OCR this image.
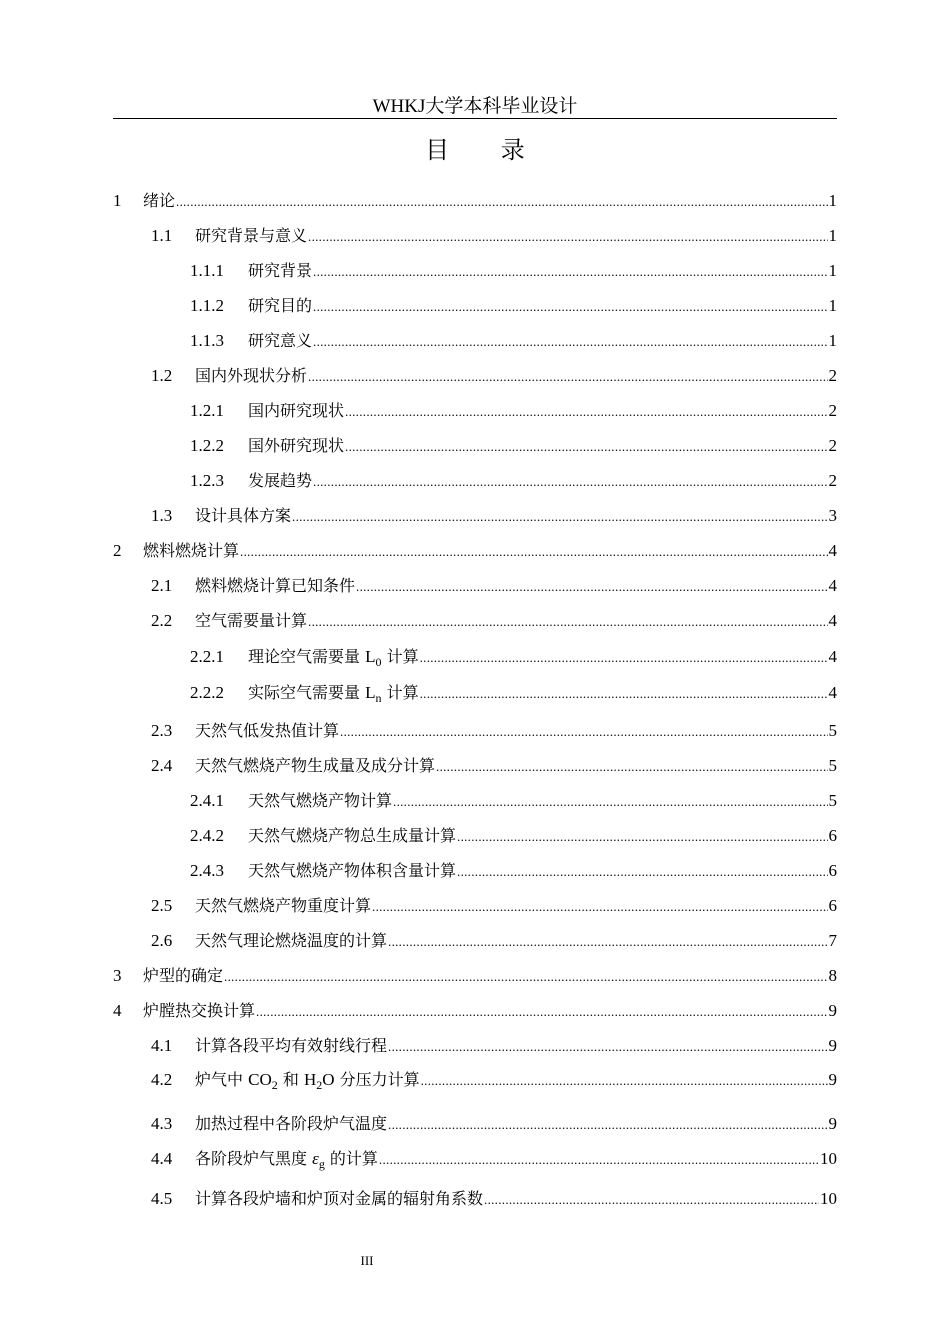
WHKJ大学本科毕业设计
目 录
1	绪论 .....	1
1.1	研究背景与意义 .....	1
1.1.1	研究背景 .....	1
1.1.2	研究目的 .....	1
1.1.3	研究意义 .....	1
1.2	国内外现状分析 .....	2
1.2.1	国内研究现状 .....	2
1.2.2	国外研究现状 .....	2
1.2.3	发展趋势 .....	2
1.3	设计具体方案 .....	3
2	燃料燃烧计算 .....	4
2.1	燃料燃烧计算已知条件 .....	4
2.2	空气需要量计算 .....	4
2.2.1	理论空气需要量 $L_0$ 计算 .....	4
2.2.2	实际空气需要量 $L_n$ 计算 .....	4
2.3	天然气低发热值计算 .....	5
2.4	天然气燃烧产物生成量及成分计算 .....	5
2.4.1	天然气燃烧产物计算 .....	5
2.4.2	天然气燃烧产物总生成量计算 .....	6
2.4.3	天然气燃烧产物体积含量计算 .....	6
2.5	天然气燃烧产物重度计算 .....	6
2.6	天然气理论燃烧温度的计算 .....	7
3	炉型的确定 .....	8
4	炉膛热交换计算 .....	9
4.1	计算各段平均有效射线行程 .....	9
4.2	炉气中 $CO_2$ 和 $H_2O$ 分压力计算 .....	9
4.3	加热过程中各阶段炉气温度 .....	9
4.4	各阶段炉气黑度 $\varepsilon_g$ 的计算 .....	10
4.5	计算各段炉墙和炉顶对金属的辐射角系数 .....	10
III
